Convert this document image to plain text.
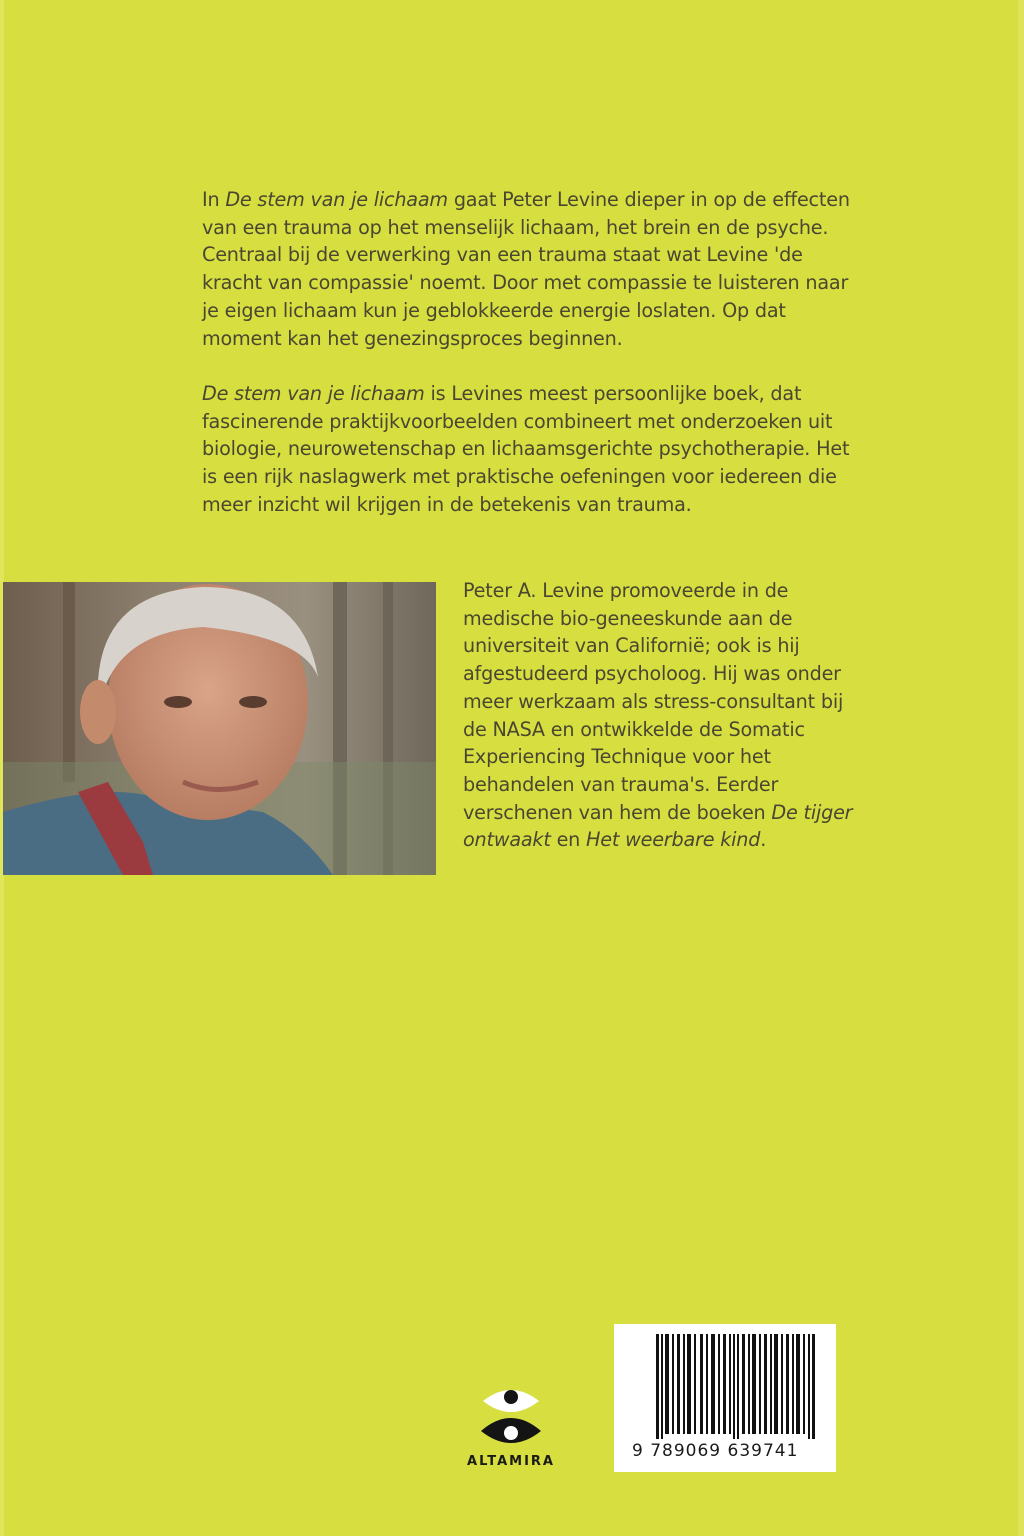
In De stem van je lichaam gaat Peter Levine dieper in op de effecten van een trauma op het menselijk lichaam, het brein en de psyche. Centraal bij de verwerking van een trauma staat wat Levine 'de kracht van compassie' noemt. Door met compassie te luisteren naar je eigen lichaam kun je geblokkeerde energie loslaten. Op dat moment kan het genezingsproces beginnen.

De stem van je lichaam is Levines meest persoonlijke boek, dat fascinerende praktijkvoorbeelden combineert met onderzoeken uit biologie, neurowetenschap en lichaamsgerichte psychotherapie. Het is een rijk naslagwerk met praktische oefeningen voor iedereen die meer inzicht wil krijgen in de betekenis van trauma.

Peter A. Levine promoveerde in de medische bio-geneeskunde aan de universiteit van Californië; ook is hij afgestudeerd psycholoog. Hij was onder meer werkzaam als stress-consultant bij de NASA en ontwikkelde de Somatic Experiencing Technique voor het behandelen van trauma's. Eerder verschenen van hem de boeken De tijger ontwaakt en Het weerbare kind.

ALTAMIRA
9 789069 639741
